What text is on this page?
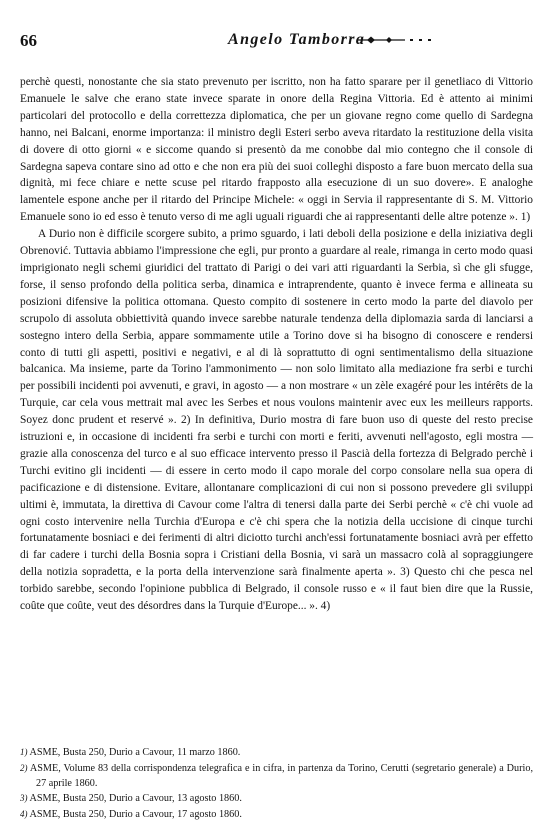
66	Angelo Tamborra

perchè questi, nonostante che sia stato prevenuto per iscritto, non ha fatto sparare per il genetliaco di Vittorio Emanuele le salve che erano state invece sparate in onore della Regina Vittoria. Ed è attento ai minimi particolari del protocollo e della correttezza diplomatica, che per un giovane regno come quello di Sardegna hanno, nei Balcani, enorme importanza: il ministro degli Esteri serbo aveva ritardato la restituzione della visita di dovere di otto giorni « e siccome quando si presentò da me conobbe dal mio contegno che il console di Sardegna sapeva contare sino ad otto e che non era più dei suoi colleghi disposto a fare buon mercato della sua dignità, mi fece chiare e nette scuse pel ritardo frapposto alla esecuzione di un suo dovere». E analoghe lamentele espone anche per il ritardo del Principe Michele: « oggi in Servia il rappresentante di S. M. Vittorio Emanuele sono io ed esso è tenuto verso di me agli uguali riguardi che ai rappresentanti delle altre potenze ». 1)

A Durio non è difficile scorgere subito, a primo sguardo, i lati deboli della posizione e della iniziativa degli Obrenović. Tuttavia abbiamo l'impressione che egli, pur pronto a guardare al reale, rimanga in certo modo quasi imprigionato negli schemi giuridici del trattato di Parigi o dei vari atti riguardanti la Serbia, sì che gli sfugge, forse, il senso profondo della politica serba, dinamica e intraprendente, quanto è invece ferma e allineata su posizioni difensive la politica ottomana. Questo compito di sostenere in certo modo la parte del diavolo per scrupolo di assoluta obbiettività quando invece sarebbe naturale tendenza della diplomazia sarda di lanciarsi a sostegno intero della Serbia, appare sommamente utile a Torino dove si ha bisogno di conoscere e rendersi conto di tutti gli aspetti, positivi e negativi, e al di là soprattutto di ogni sentimentalismo della situazione balcanica. Ma insieme, parte da Torino l'ammonimento — non solo limitato alla mediazione fra serbi e turchi per possibili incidenti poi avvenuti, e gravi, in agosto — a non mostrare « un zèle exagéré pour les intérêts de la Turquie, car cela vous mettrait mal avec les Serbes et nous voulons maintenir avec eux les meilleurs rapports. Soyez donc prudent et reservé ». 2) In definitiva, Durio mostra di fare buon uso di queste del resto precise istruzioni e, in occasione di incidenti fra serbi e turchi con morti e feriti, avvenuti nell'agosto, egli mostra — grazie alla conoscenza del turco e al suo efficace intervento presso il Pascià della fortezza di Belgrado perchè i Turchi evitino gli incidenti — di essere in certo modo il capo morale del corpo consolare nella sua opera di pacificazione e di distensione. Evitare, allontanare complicazioni di cui non si possono prevedere gli sviluppi ultimi è, immutata, la direttiva di Cavour come l'altra di tenersi dalla parte dei Serbi perchè « c'è chi vuole ad ogni costo intervenire nella Turchia d'Europa e c'è chi spera che la notizia della uccisione di cinque turchi fortunatamente bosniaci e dei ferimenti di altri diciotto turchi anch'essi fortunatamente bosniaci avrà per effetto di far cadere i turchi della Bosnia sopra i Cristiani della Bosnia, vi sarà un massacro colà al sopraggiungere della notizia sopradetta, e la porta della intervenzione sarà finalmente aperta ». 3) Questo chi che pesca nel torbido sarebbe, secondo l'opinione pubblica di Belgrado, il console russo e « il faut bien dire que la Russie, coûte que coûte, veut des désordres dans la Turquie d'Europe... ». 4)

1) ASME, Busta 250, Durio a Cavour, 11 marzo 1860.
2) ASME, Volume 83 della corrispondenza telegrafica e in cifra, in partenza da Torino, Cerutti (segretario generale) a Durio, 27 aprile 1860.
3) ASME, Busta 250, Durio a Cavour, 13 agosto 1860.
4) ASME, Busta 250, Durio a Cavour, 17 agosto 1860.
